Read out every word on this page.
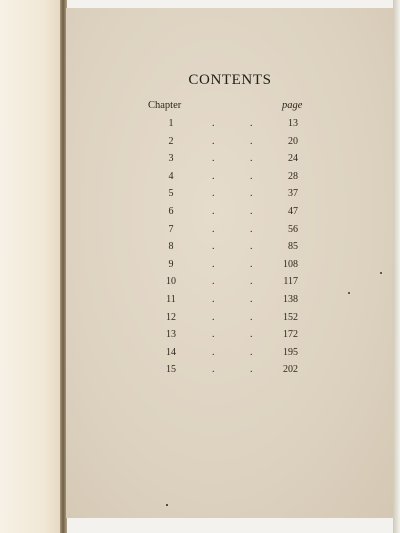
CONTENTS
Chapter	page
1	.	.	13
2	.	.	20
3	.	.	24
4	.	.	28
5	.	.	37
6	.	.	47
7	.	.	56
8	.	.	85
9	.	.	108
10	.	.	117
11	.	.	138
12	.	.	152
13	.	.	172
14	.	.	195
15	.	.	202
